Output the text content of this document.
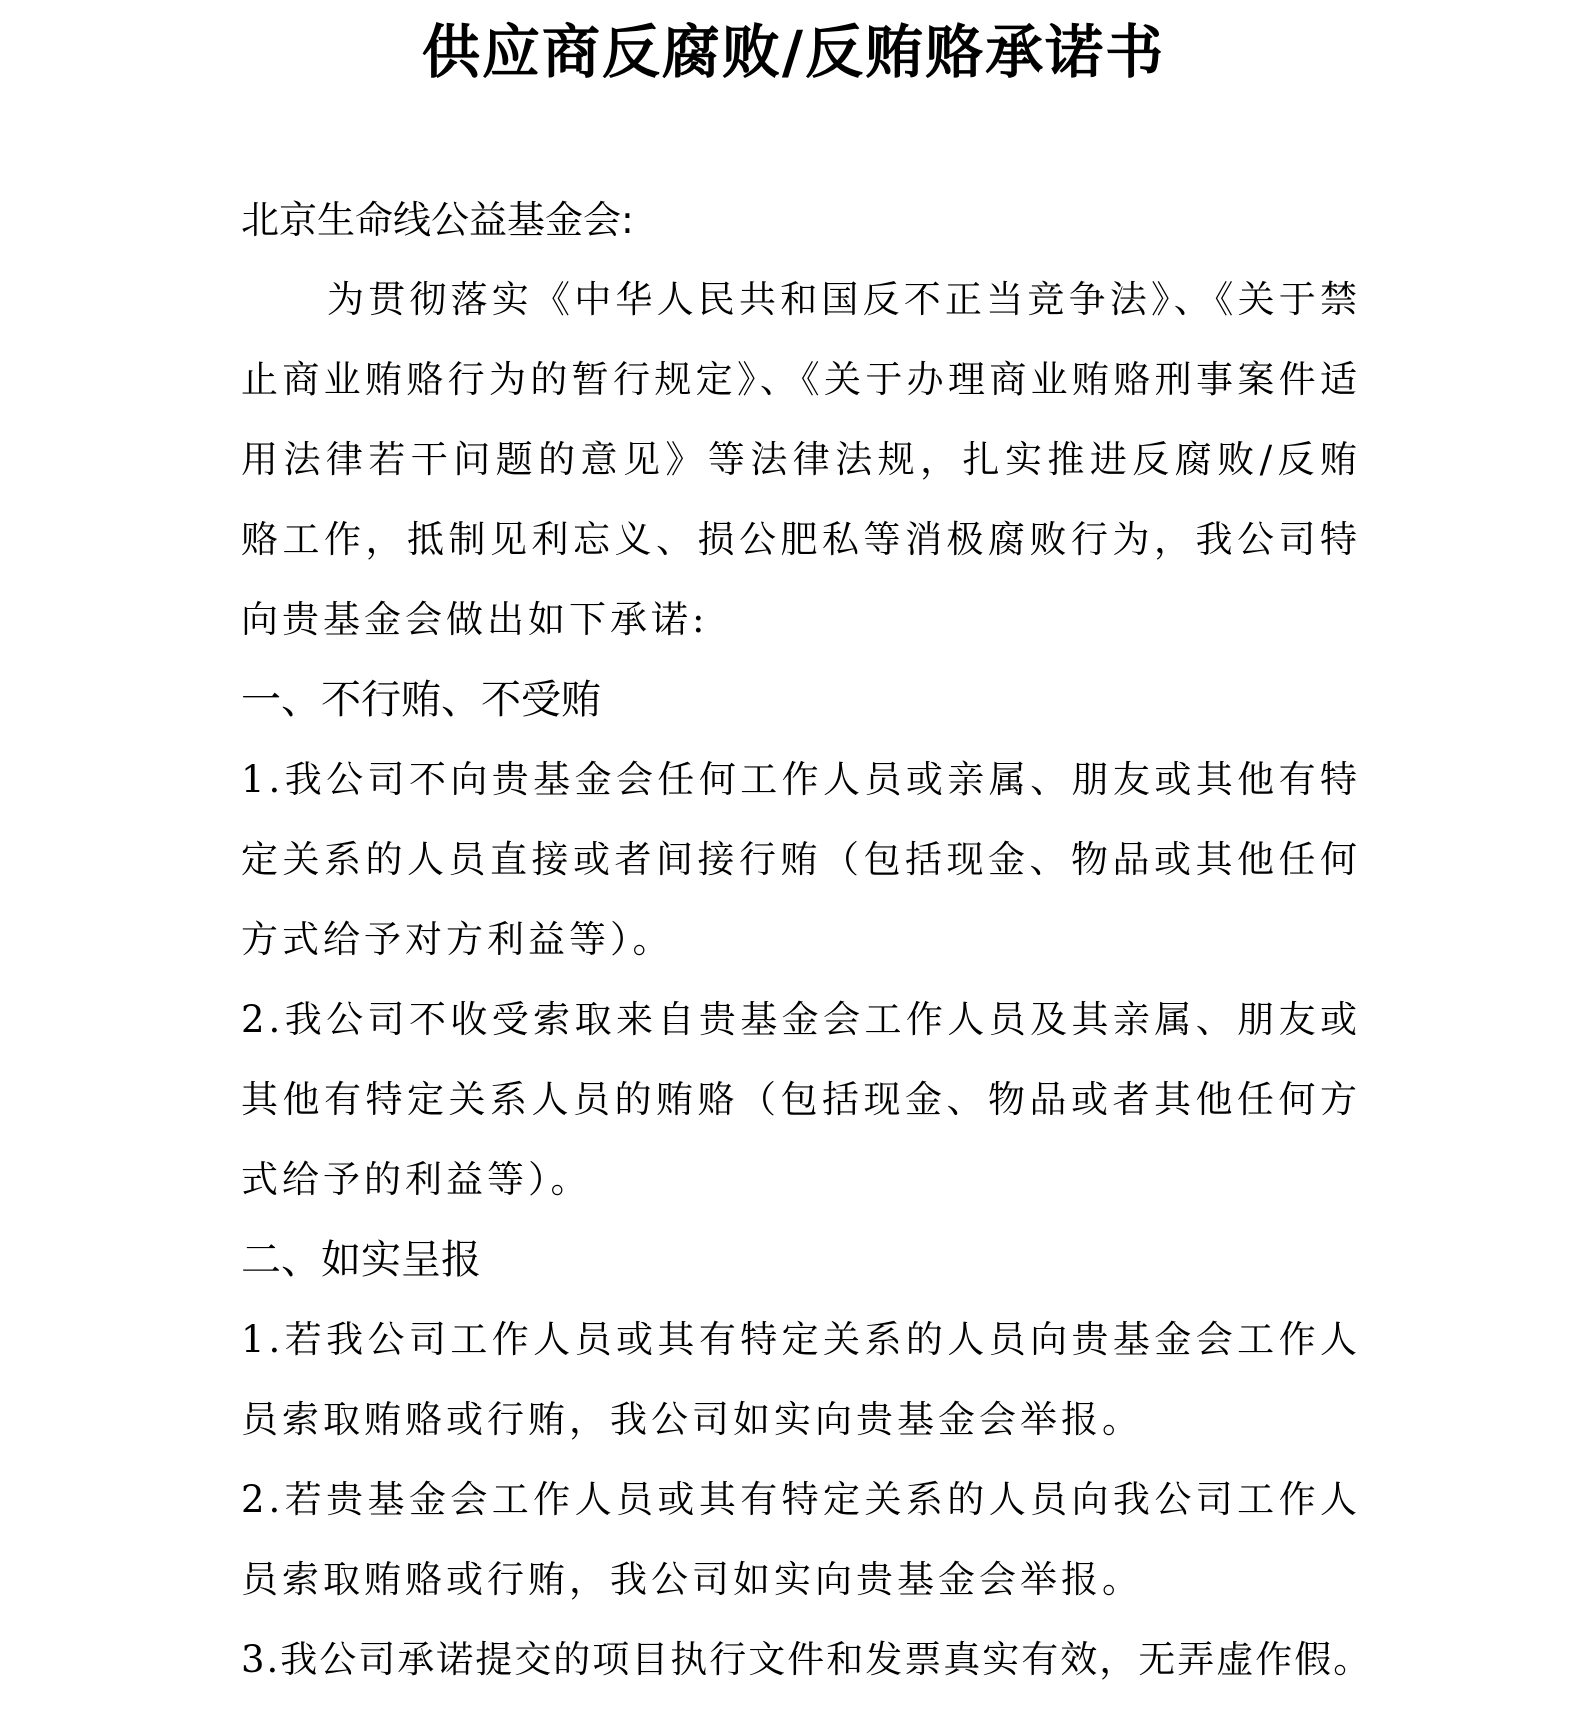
供应商反腐败/反贿赂承诺书
北京生命线公益基金会:

为贯彻落实《中华人民共和国反不正当竞争法》、《关于禁止商业贿赂行为的暂行规定》、《关于办理商业贿赂刑事案件适用法律若干问题的意见》等法律法规，扎实推进反腐败/反贿赂工作，抵制见利忘义、损公肥私等消极腐败行为，我公司特向贵基金会做出如下承诺:

一、不行贿、不受贿

1.我公司不向贵基金会任何工作人员或亲属、朋友或其他有特定关系的人员直接或者间接行贿（包括现金、物品或其他任何方式给予对方利益等）。

2.我公司不收受索取来自贵基金会工作人员及其亲属、朋友或其他有特定关系人员的贿赂（包括现金、物品或者其他任何方式给予的利益等）。

二、如实呈报

1.若我公司工作人员或其有特定关系的人员向贵基金会工作人员索取贿赂或行贿，我公司如实向贵基金会举报。

2.若贵基金会工作人员或其有特定关系的人员向我公司工作人员索取贿赂或行贿，我公司如实向贵基金会举报。

3.我公司承诺提交的项目执行文件和发票真实有效，无弄虚作假。
